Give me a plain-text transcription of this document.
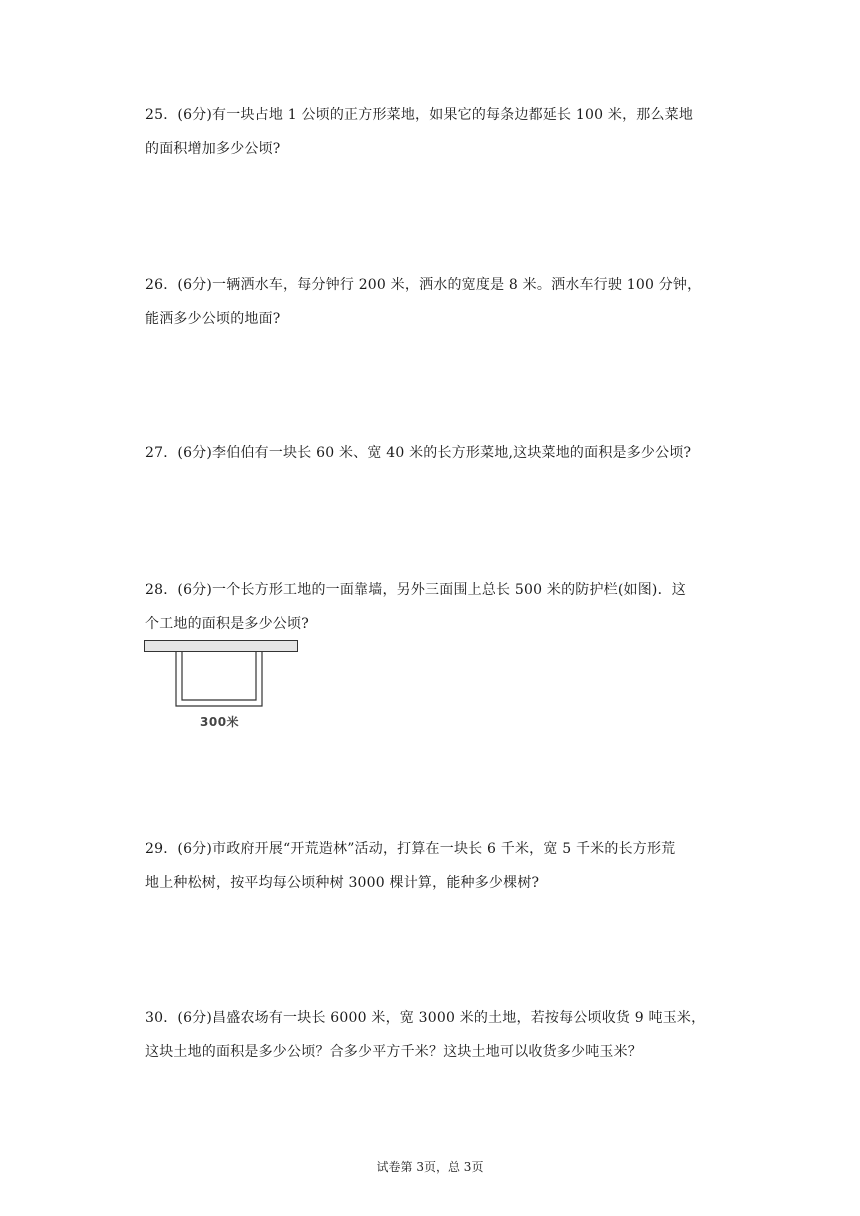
25．(6分)有一块占地 1 公顷的正方形菜地，如果它的每条边都延长 100 米，那么菜地
的面积增加多少公顷?
26．(6分)一辆洒水车，每分钟行 200 米，洒水的宽度是 8 米。洒水车行驶 100 分钟，
能洒多少公顷的地面?
27．(6分)李伯伯有一块长 60 米、宽 40 米的长方形菜地,这块菜地的面积是多少公顷?
28．(6分)一个长方形工地的一面靠墙，另外三面围上总长 500 米的防护栏(如图)．这
个工地的面积是多少公顷?
300米
29．(6分)市政府开展“开荒造林”活动，打算在一块长 6 千米，宽 5 千米的长方形荒
地上种松树，按平均每公顷种树 3000 棵计算，能种多少棵树?
30．(6分)昌盛农场有一块长 6000 米，宽 3000 米的土地，若按每公顷收货 9 吨玉米，
这块土地的面积是多少公顷？合多少平方千米？这块土地可以收货多少吨玉米？
试卷第 3页，总 3页
